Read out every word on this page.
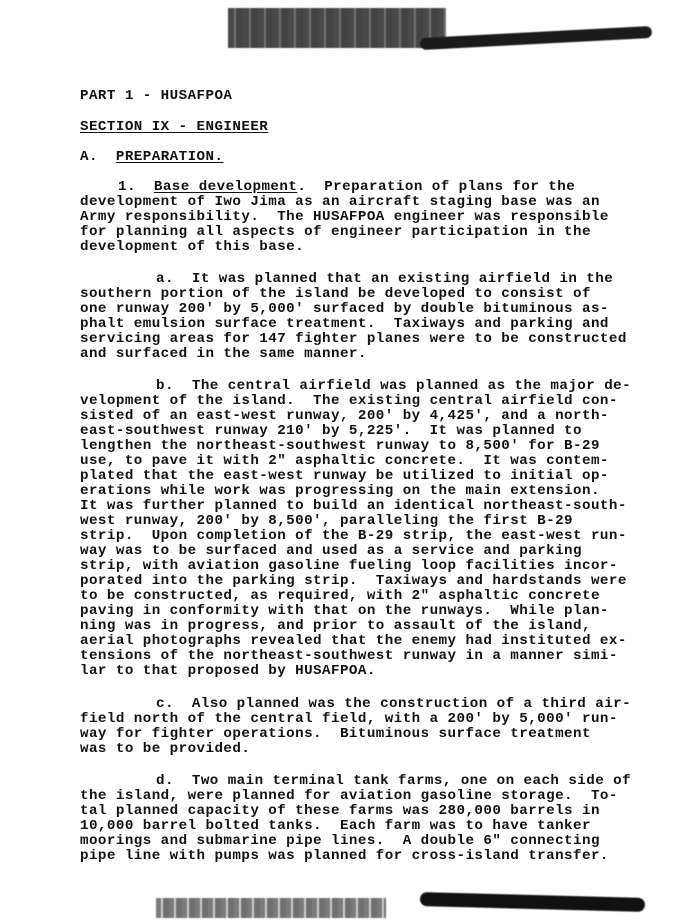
PART 1 - HUSAFPOA
SECTION IX - ENGINEER
A. PREPARATION.
1. Base development.  Preparation of plans for the
development of Iwo Jima as an aircraft staging base was an
Army responsibility.  The HUSAFPOA engineer was responsible
for planning all aspects of engineer participation in the
development of this base.
a.  It was planned that an existing airfield in the
southern portion of the island be developed to consist of
one runway 200' by 5,000' surfaced by double bituminous as-
phalt emulsion surface treatment.  Taxiways and parking and
servicing areas for 147 fighter planes were to be constructed
and surfaced in the same manner.
b.  The central airfield was planned as the major de-
velopment of the island.  The existing central airfield con-
sisted of an east-west runway, 200' by 4,425', and a north-
east-southwest runway 210' by 5,225'.  It was planned to
lengthen the northeast-southwest runway to 8,500' for B-29
use, to pave it with 2" asphaltic concrete.  It was contem-
plated that the east-west runway be utilized to initial op-
erations while work was progressing on the main extension.
It was further planned to build an identical northeast-south-
west runway, 200' by 8,500', paralleling the first B-29
strip.  Upon completion of the B-29 strip, the east-west run-
way was to be surfaced and used as a service and parking
strip, with aviation gasoline fueling loop facilities incor-
porated into the parking strip.  Taxiways and hardstands were
to be constructed, as required, with 2" asphaltic concrete
paving in conformity with that on the runways.  While plan-
ning was in progress, and prior to assault of the island,
aerial photographs revealed that the enemy had instituted ex-
tensions of the northeast-southwest runway in a manner simi-
lar to that proposed by HUSAFPOA.
c.  Also planned was the construction of a third air-
field north of the central field, with a 200' by 5,000' run-
way for fighter operations.  Bituminous surface treatment
was to be provided.
d.  Two main terminal tank farms, one on each side of
the island, were planned for aviation gasoline storage.  To-
tal planned capacity of these farms was 280,000 barrels in
10,000 barrel bolted tanks.  Each farm was to have tanker
moorings and submarine pipe lines.  A double 6" connecting
pipe line with pumps was planned for cross-island transfer.
